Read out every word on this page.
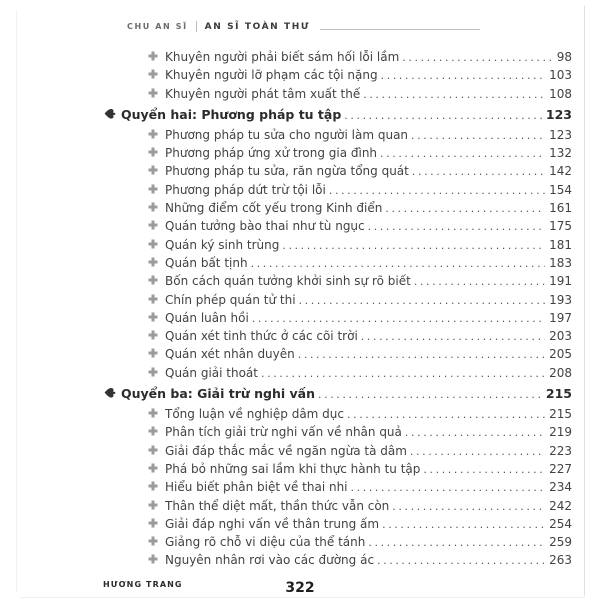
CHU AN SĨ AN SĨ TOÀN THƯ
Khuyên người phải biết sám hối lỗi lầm .....	98
Khuyên người lỡ phạm các tội nặng .....	103
Khuyên người phát tâm xuất thế .....	108
Quyển hai: Phương pháp tu tập .....	123
Phương pháp tu sửa cho người làm quan .....	123
Phương pháp ứng xử trong gia đình .....	132
Phương pháp tu sửa, răn ngừa tổng quát .....	142
Phương pháp dứt trừ tội lỗi .....	154
Những điểm cốt yếu trong Kinh điển .....	161
Quán tưởng bào thai như tù ngục .....	175
Quán ký sinh trùng .....	181
Quán bất tịnh .....	183
Bốn cách quán tưởng khởi sinh sự rõ biết .....	191
Chín phép quán tử thi .....	193
Quán luân hồi .....	197
Quán xét tinh thức ở các cõi trời .....	203
Quán xét nhân duyên .....	205
Quán giải thoát .....	208
Quyển ba: Giải trừ nghi vấn .....	215
Tổng luận về nghiệp dâm dục .....	215
Phân tích giải trừ nghi vấn về nhân quả .....	219
Giải đáp thắc mắc về ngăn ngừa tà dâm .....	223
Phá bỏ những sai lầm khi thực hành tu tập .....	227
Hiểu biết phân biệt về thai nhi .....	234
Thân thể diệt mất, thần thức vẫn còn .....	242
Giải đáp nghi vấn về thân trung ấm .....	254
Giảng rõ chỗ vi diệu của thể tánh .....	259
Nguyên nhân rơi vào các đường ác .....	263
HƯƠNG TRANG	322
